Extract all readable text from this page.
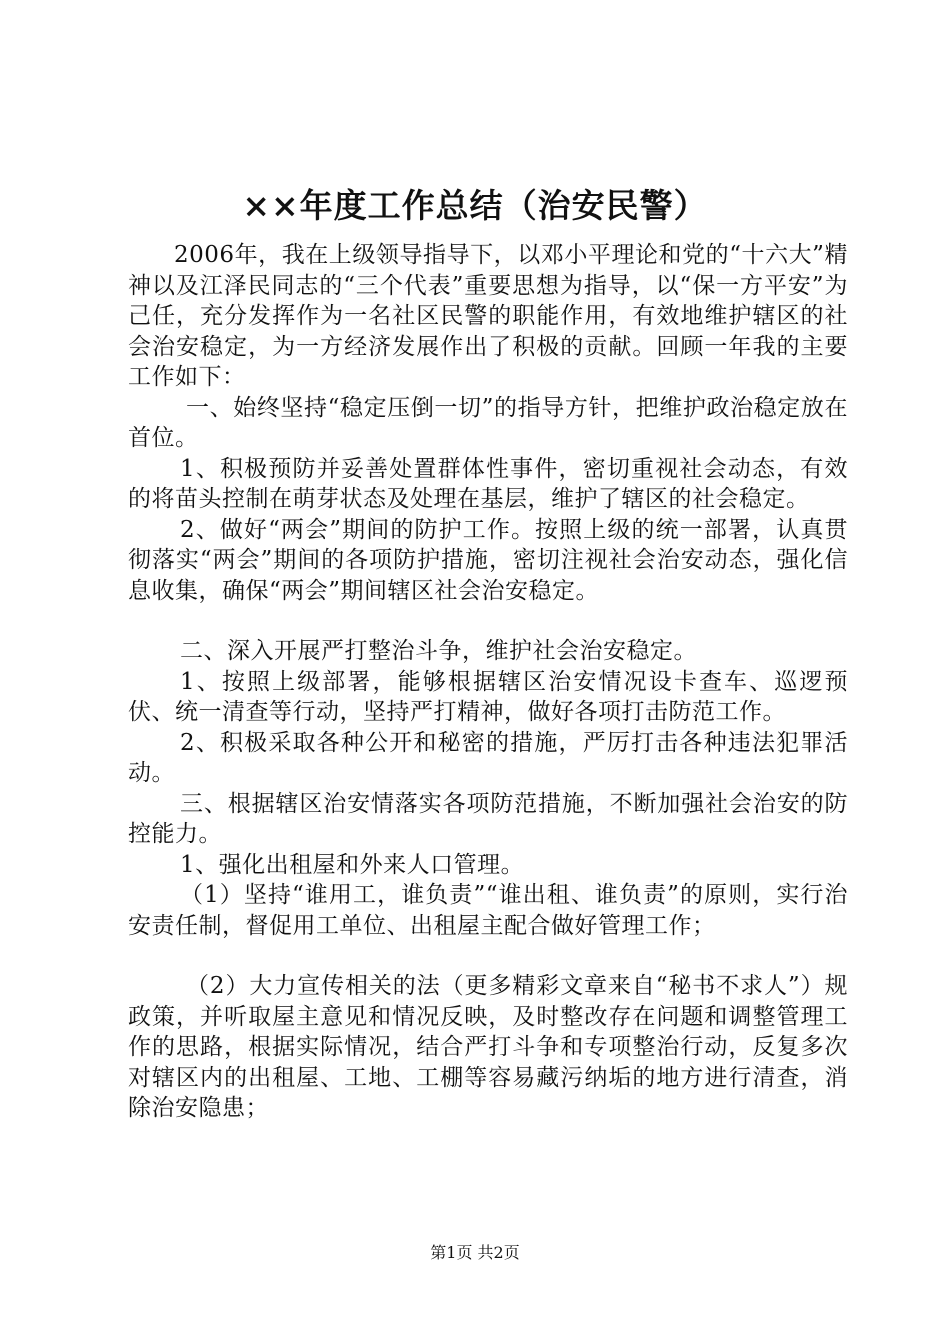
××年度工作总结（治安民警）

2006年，我在上级领导指导下，以邓小平理论和党的“十六大”精神以及江泽民同志的“三个代表”重要思想为指导，以“保一方平安”为己任，充分发挥作为一名社区民警的职能作用，有效地维护辖区的社会治安稳定，为一方经济发展作出了积极的贡献。回顾一年我的主要工作如下：

一、始终坚持“稳定压倒一切”的指导方针，把维护政治稳定放在首位。

1、积极预防并妥善处置群体性事件，密切重视社会动态，有效的将苗头控制在萌芽状态及处理在基层，维护了辖区的社会稳定。

2、做好“两会”期间的防护工作。按照上级的统一部署，认真贯彻落实“两会”期间的各项防护措施，密切注视社会治安动态，强化信息收集，确保“两会”期间辖区社会治安稳定。

二、深入开展严打整治斗争，维护社会治安稳定。

1、按照上级部署，能够根据辖区治安情况设卡查车、巡逻预伏、统一清查等行动，坚持严打精神，做好各项打击防范工作。

2、积极采取各种公开和秘密的措施，严厉打击各种违法犯罪活动。

三、根据辖区治安情落实各项防范措施，不断加强社会治安的防控能力。

1、强化出租屋和外来人口管理。

（1）坚持“谁用工，谁负责”“谁出租、谁负责”的原则，实行治安责任制，督促用工单位、出租屋主配合做好管理工作；

（2）大力宣传相关的法（更多精彩文章来自“秘书不求人”）规政策，并听取屋主意见和情况反映，及时整改存在问题和调整管理工作的思路，根据实际情况，结合严打斗争和专项整治行动，反复多次对辖区内的出租屋、工地、工棚等容易藏污纳垢的地方进行清查，消除治安隐患；

第1页 共2页
